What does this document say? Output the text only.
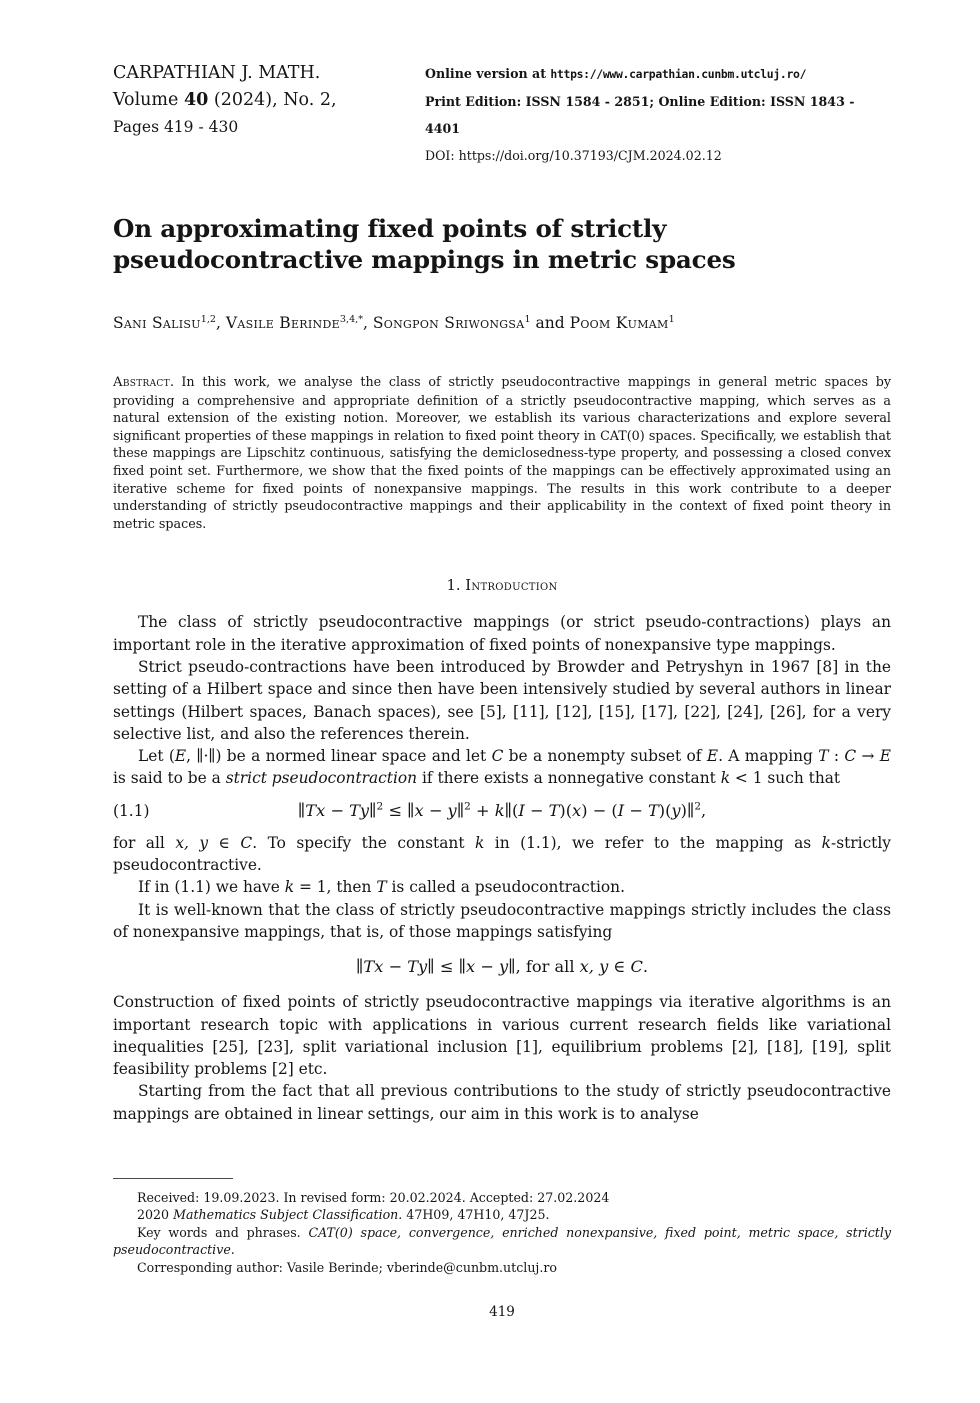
CARPATHIAN J. MATH.
Volume 40 (2024), No. 2,
Pages 419 - 430
Online version at https://www.carpathian.cunbm.utcluj.ro/
Print Edition: ISSN 1584 - 2851; Online Edition: ISSN 1843 - 4401
DOI: https://doi.org/10.37193/CJM.2024.02.12
On approximating fixed points of strictly pseudocontractive mappings in metric spaces
Sani Salisu$^{1,2}$, Vasile Berinde$^{3,4,*}$, Songpon Sriwongsa$^1$ and Poom Kumam$^1$

Abstract. In this work, we analyse the class of strictly pseudocontractive mappings in general metric spaces by providing a comprehensive and appropriate definition of a strictly pseudocontractive mapping, which serves as a natural extension of the existing notion. Moreover, we establish its various characterizations and explore several significant properties of these mappings in relation to fixed point theory in CAT(0) spaces. Specifically, we establish that these mappings are Lipschitz continuous, satisfying the demiclosedness-type property, and possessing a closed convex fixed point set. Furthermore, we show that the fixed points of the mappings can be effectively approximated using an iterative scheme for fixed points of nonexpansive mappings. The results in this work contribute to a deeper understanding of strictly pseudocontractive mappings and their applicability in the context of fixed point theory in metric spaces.

1. Introduction

The class of strictly pseudocontractive mappings (or strict pseudo-contractions) plays an important role in the iterative approximation of fixed points of nonexpansive type mappings.

Strict pseudo-contractions have been introduced by Browder and Petryshyn in 1967 [8] in the setting of a Hilbert space and since then have been intensively studied by several authors in linear settings (Hilbert spaces, Banach spaces), see [5], [11], [12], [15], [17], [22], [24], [26], for a very selective list, and also the references therein.

Let (E, ∥·∥) be a normed linear space and let C be a nonempty subset of E. A mapping T : C → E is said to be a strict pseudocontraction if there exists a nonnegative constant k < 1 such that

(1.1)	∥Tx − Ty∥$^2$ ≤ ∥x − y∥$^2$ + k∥(I − T)(x) − (I − T)(y)∥$^2$,

for all x, y ∈ C. To specify the constant k in (1.1), we refer to the mapping as k-strictly pseudocontractive.

If in (1.1) we have k = 1, then T is called a pseudocontraction.

It is well-known that the class of strictly pseudocontractive mappings strictly includes the class of nonexpansive mappings, that is, of those mappings satisfying

∥Tx − Ty∥ ≤ ∥x − y∥, for all x, y ∈ C.

Construction of fixed points of strictly pseudocontractive mappings via iterative algorithms is an important research topic with applications in various current research fields like variational inequalities [25], [23], split variational inclusion [1], equilibrium problems [2], [18], [19], split feasibility problems [2] etc.

Starting from the fact that all previous contributions to the study of strictly pseudocontractive mappings are obtained in linear settings, our aim in this work is to analyse

Received: 19.09.2023. In revised form: 20.02.2024. Accepted: 27.02.2024

2020 Mathematics Subject Classification. 47H09, 47H10, 47J25.

Key words and phrases. CAT(0) space, convergence, enriched nonexpansive, fixed point, metric space, strictly pseudocontractive.

Corresponding author: Vasile Berinde; vberinde@cunbm.utcluj.ro

419
